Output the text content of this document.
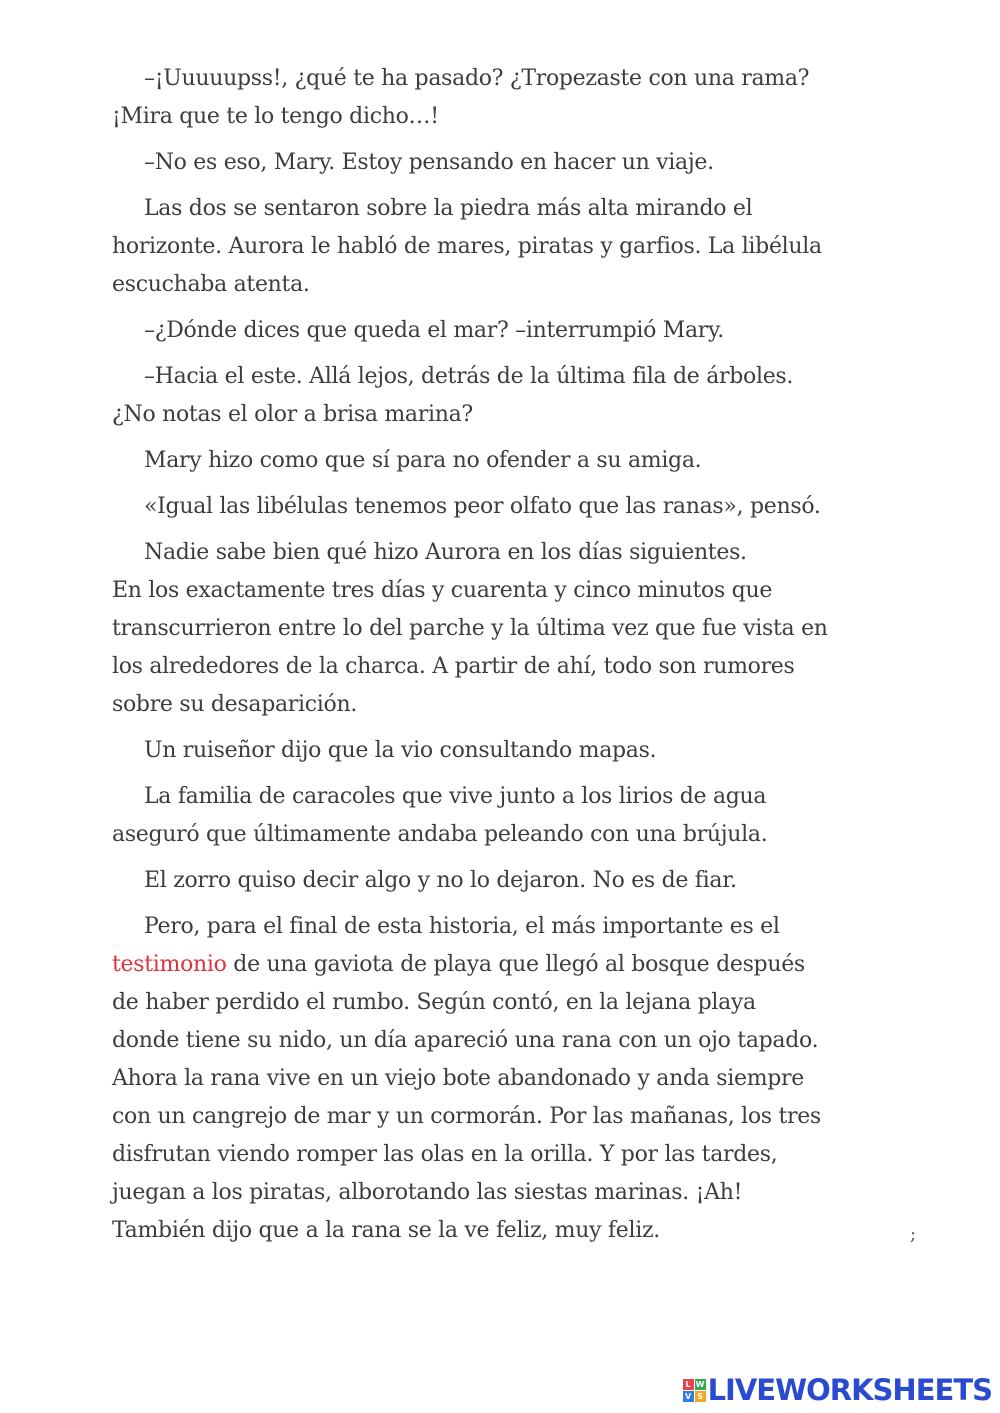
–¡Uuuuupss!, ¿qué te ha pasado? ¿Tropezaste con una rama?
¡Mira que te lo tengo dicho…!

–No es eso, Mary. Estoy pensando en hacer un viaje.

Las dos se sentaron sobre la piedra más alta mirando el
horizonte. Aurora le habló de mares, piratas y garfios. La libélula
escuchaba atenta.

–¿Dónde dices que queda el mar? –interrumpió Mary.

–Hacia el este. Allá lejos, detrás de la última fila de árboles.
¿No notas el olor a brisa marina?

Mary hizo como que sí para no ofender a su amiga.

«Igual las libélulas tenemos peor olfato que las ranas», pensó.

Nadie sabe bien qué hizo Aurora en los días siguientes.
En los exactamente tres días y cuarenta y cinco minutos que
transcurrieron entre lo del parche y la última vez que fue vista en
los alrededores de la charca. A partir de ahí, todo son rumores
sobre su desaparición.

Un ruiseñor dijo que la vio consultando mapas.

La familia de caracoles que vive junto a los lirios de agua
aseguró que últimamente andaba peleando con una brújula.

El zorro quiso decir algo y no lo dejaron. No es de fiar.

Pero, para el final de esta historia, el más importante es el
testimonio de una gaviota de playa que llegó al bosque después
de haber perdido el rumbo. Según contó, en la lejana playa
donde tiene su nido, un día apareció una rana con un ojo tapado.
Ahora la rana vive en un viejo bote abandonado y anda siempre
con un cangrejo de mar y un cormorán. Por las mañanas, los tres
disfrutan viendo romper las olas en la orilla. Y por las tardes,
juegan a los piratas, alborotando las siestas marinas. ¡Ah!
También dijo que a la rana se la ve feliz, muy feliz.	;
L W
V S LIVEWORKSHEETS
